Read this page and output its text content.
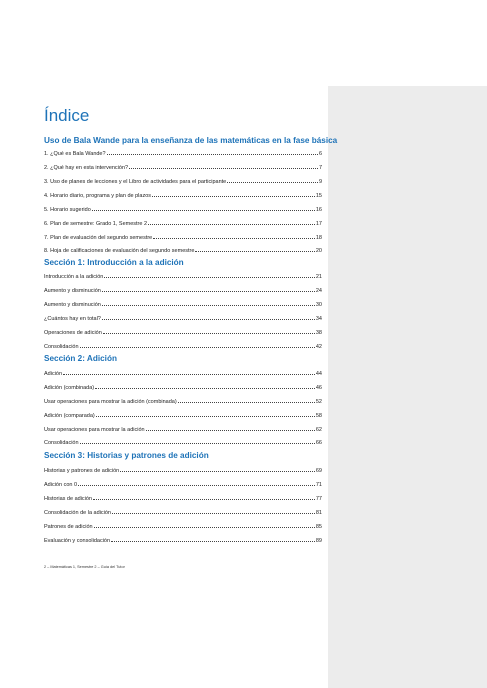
Índice
Uso de Bala Wande para la enseñanza de las matemáticas en la fase básica
1. ¿Qué es Bala Wande?	6
2. ¿Qué hay en esta intervención?	7
3. Uso de planes de lecciones y el Libro de actividades para el participante	9
4. Horario diario, programa y plan de plazos	15
5. Horario sugerido	16
6. Plan de semestre: Grado 1, Semestre 2	17
7. Plan de evaluación del segundo semestre	18
8. Hoja de calificaciones de evaluación del segundo semestre	20
Sección 1: Introducción a la adición
Introducción a la adición	21
Aumento y disminución	24
Aumento y disminución	30
¿Cuántos hay en total?	34
Operaciones de adición	38
Consolidación	42
Sección 2: Adición
Adición	44
Adición (combinada)	46
Usar operaciones para mostrar la adición (combinada)	52
Adición (comparada)	58
Usar operaciones para mostrar la adición	62
Consolidación	66
Sección 3: Historias y patrones de adición
Historias y patrones de adición	69
Adición con 0	71
Historias de adición	77
Consolidación de la adición	81
Patrones de adición	85
Evaluación y consolidación	89
2 – Matemáticas 1, Semestre 2 – Guía del Tutor
